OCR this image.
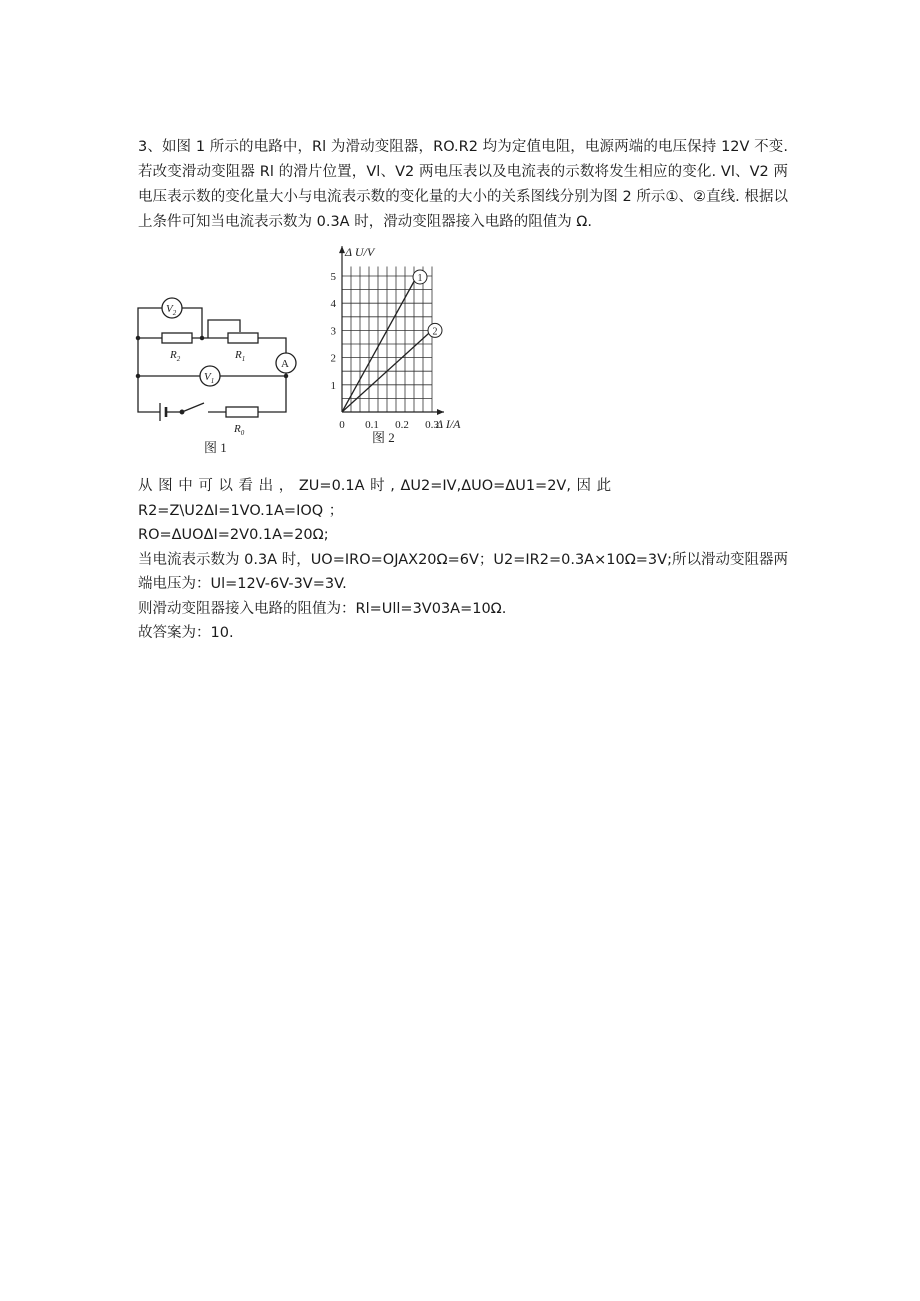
3、如图 1 所示的电路中，Rl 为滑动变阻器，RO.R2 均为定值电阻，电源两端的电压保持 12V 不变. 若改变滑动变阻器 Rl 的滑片位置，Vl、V2 两电压表以及电流表的示数将发生相应的变化. Vl、V2 两电压表示数的变化量大小与电流表示数的变化量的大小的关系图线分别为图 2 所示①、②直线. 根据以上条件可知当电流表示数为 0.3A 时，滑动变阻器接入电路的阻值为 Ω.

$V_2$
$V_1$
A
$R_2$	$R_1$
$R_0$
图 1
1
2
1
2
3
4
5
0 0.1 0.2 0.3
Δ U/V
Δ I/A
图 2

从 图 中 可 以 看 出 ， ZU=0.1A 时 , ΔU2=IV,ΔUO=ΔU1=2V, 因 此 R2=Z\U2ΔI=1VO.1A=IOQ ；

RO=ΔUOΔI=2V0.1A=20Ω;

当电流表示数为 0.3A 时，UO=IRO=OJAX20Ω=6V；U2=IR2=0.3A×10Ω=3V;所以滑动变阻器两端电压为：Ul=12V-6V-3V=3V.

则滑动变阻器接入电路的阻值为：Rl=Ull=3V03A=10Ω.

故答案为：10.
